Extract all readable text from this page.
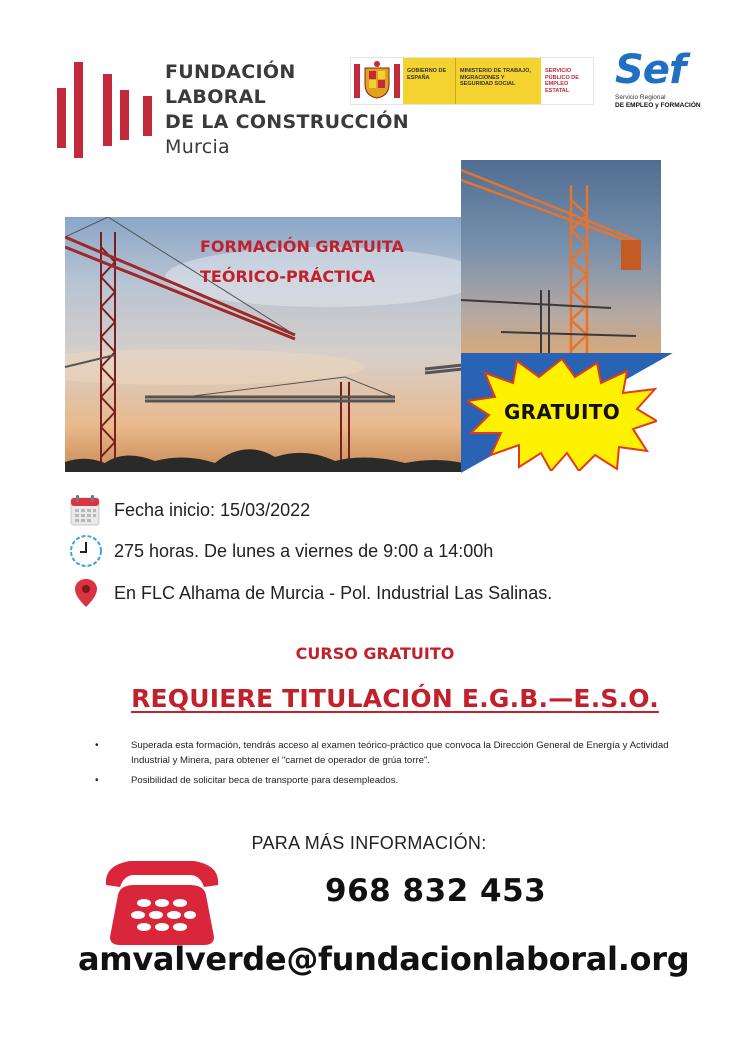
FUNDACIÓN
LABORAL
DE LA CONSTRUCCIÓN
Murcia
GOBIERNO DE ESPAÑA
MINISTERIO DE TRABAJO, MIGRACIONES Y SEGURIDAD SOCIAL
SERVICIO PÚBLICO DE EMPLEO ESTATAL	Sef
Servicio Regional
DE EMPLEO y FORMACIÓN
FORMACIÓN GRATUITA
TEÓRICO-PRÁCTICA
GRATUITO
Fecha inicio: 15/03/2022
275 horas. De lunes a viernes de 9:00 a 14:00h
En FLC Alhama de Murcia - Pol. Industrial Las Salinas.
CURSO GRATUITO
REQUIERE TITULACIÓN E.G.B.—E.S.O.
• Superada esta formación, tendrás acceso al examen teórico-práctico que convoca la Dirección General de Energía y Actividad Industrial y Minera, para obtener el "carnet de operador de grúa torre".
• Posibilidad de solicitar beca de transporte para desempleados.
PARA MÁS INFORMACIÓN:
968 832 453
amvalverde@fundacionlaboral.org
